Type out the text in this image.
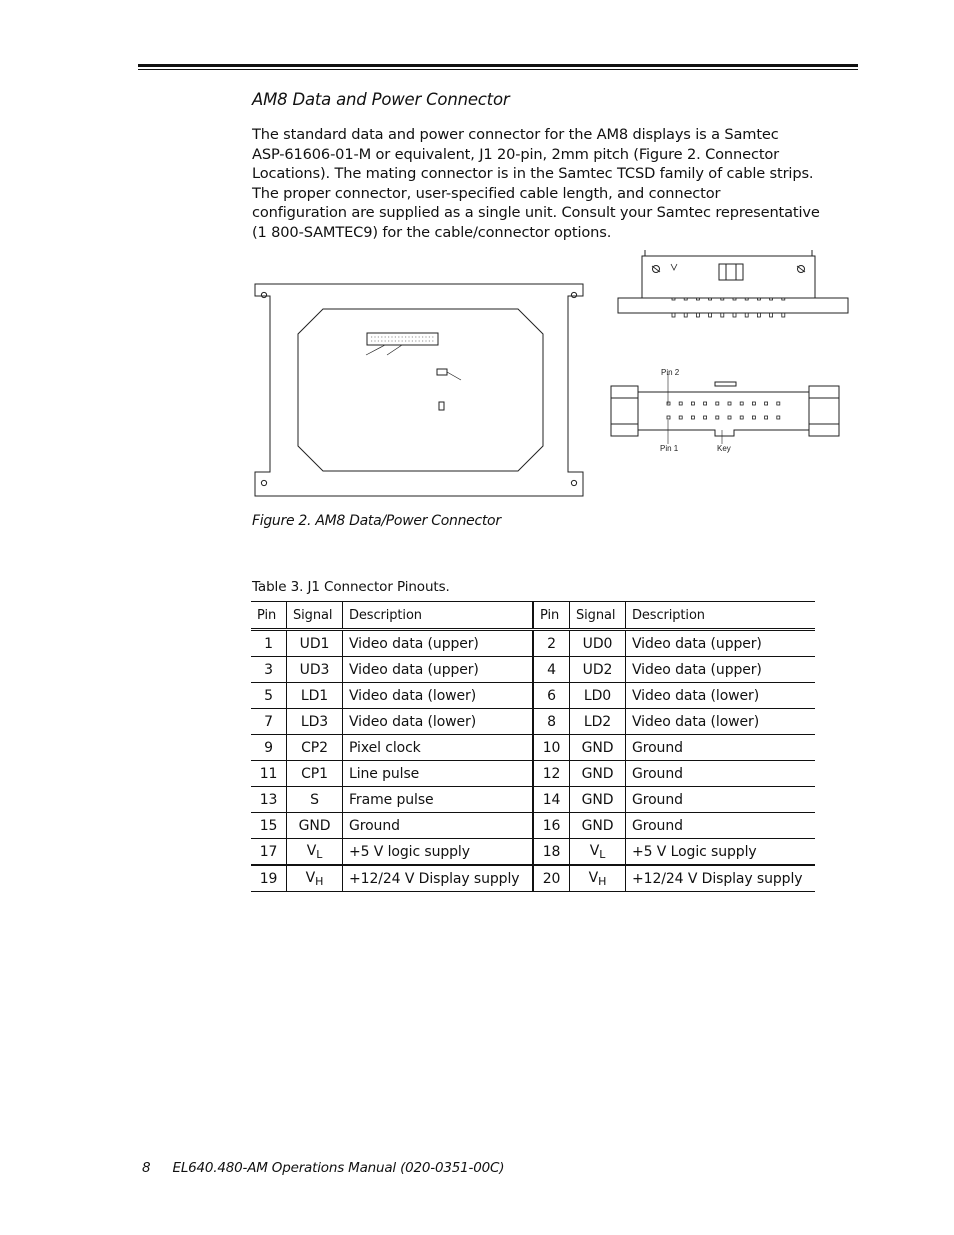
AM8 Data and Power Connector
The standard data and power connector for the AM8 displays is a Samtec
ASP-61606-01-M or equivalent, J1 20-pin, 2mm pitch (Figure 2. Connector
Locations). The mating connector is in the Samtec TCSD family of cable strips.
The proper connector, user-specified cable length, and connector
configuration are supplied as a single unit. Consult your Samtec representative
(1 800-SAMTEC9) for the cable/connector options.
Pin 2
Pin 1	Key
Figure 2. AM8 Data/Power Connector
Table 3. J1 Connector Pinouts.
Pin	Signal	Description	Pin	Signal	Description
1	UD1	Video data (upper)	2	UD0	Video data (upper)
3	UD3	Video data (upper)	4	UD2	Video data (upper)
5	LD1	Video data (lower)	6	LD0	Video data (lower)
7	LD3	Video data (lower)	8	LD2	Video data (lower)
9	CP2	Pixel clock	10	GND	Ground
11	CP1	Line pulse	12	GND	Ground
13	S	Frame pulse	14	GND	Ground
15	GND	Ground	16	GND	Ground
17	$V_L$	+5 V logic supply	18	$V_L$	+5 V Logic supply
19	$V_H$	+12/24 V Display supply	20	$V_H$	+12/24 V Display supply
8 EL640.480-AM Operations Manual (020-0351-00C)
